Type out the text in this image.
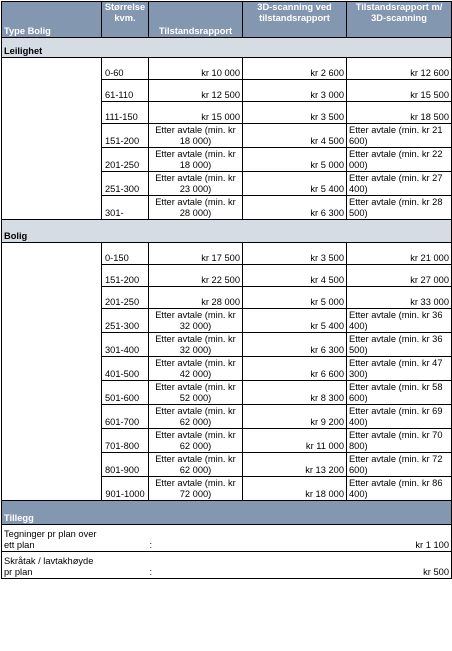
Type Bolig	Størrelse kvm.	Tilstandsrapport	3D-scanning ved tilstandsrapport	Tilstandsrapport m/ 3D-scanning
Leilighet				
	0-60	kr 10 000	kr 2 600	kr 12 600
	61-110	kr 12 500	kr 3 000	kr 15 500
	111-150	kr 15 000	kr 3 500	kr 18 500
	151-200	Etter avtale (min. kr 18 000)	kr 4 500	Etter avtale (min. kr 21 600)
	201-250	Etter avtale (min. kr 18 000)	kr 5 000	Etter avtale (min. kr 22 000)
	251-300	Etter avtale (min. kr 23 000)	kr 5 400	Etter avtale (min. kr 27 400)
	301-	Etter avtale (min. kr 28 000)	kr 6 300	Etter avtale (min. kr 28 500)
Bolig				
	0-150	kr 17 500	kr 3 500	kr 21 000
	151-200	kr 22 500	kr 4 500	kr 27 000
	201-250	kr 28 000	kr 5 000	kr 33 000
	251-300	Etter avtale (min. kr 32 000)	kr 5 400	Etter avtale (min. kr 36 400)
	301-400	Etter avtale (min. kr 32 000)	kr 6 300	Etter avtale (min. kr 36 500)
	401-500	Etter avtale (min. kr 42 000)	kr 6 600	Etter avtale (min. kr 47 300)
	501-600	Etter avtale (min. kr 52 000)	kr 8 300	Etter avtale (min. kr 58 600)
	601-700	Etter avtale (min. kr 62 000)	kr 9 200	Etter avtale (min. kr 69 400)
	701-800	Etter avtale (min. kr 62 000)	kr 11 000	Etter avtale (min. kr 70 800)
	801-900	Etter avtale (min. kr 62 000)	kr 13 200	Etter avtale (min. kr 72 600)
	901-1000	Etter avtale (min. kr 72 000)	kr 18 000	Etter avtale (min. kr 86 400)
Tillegg				
Tegninger pr plan over ett plan	:		kr 1 100	
Skråtak / lavtakhøyde pr plan	:		kr 500	
